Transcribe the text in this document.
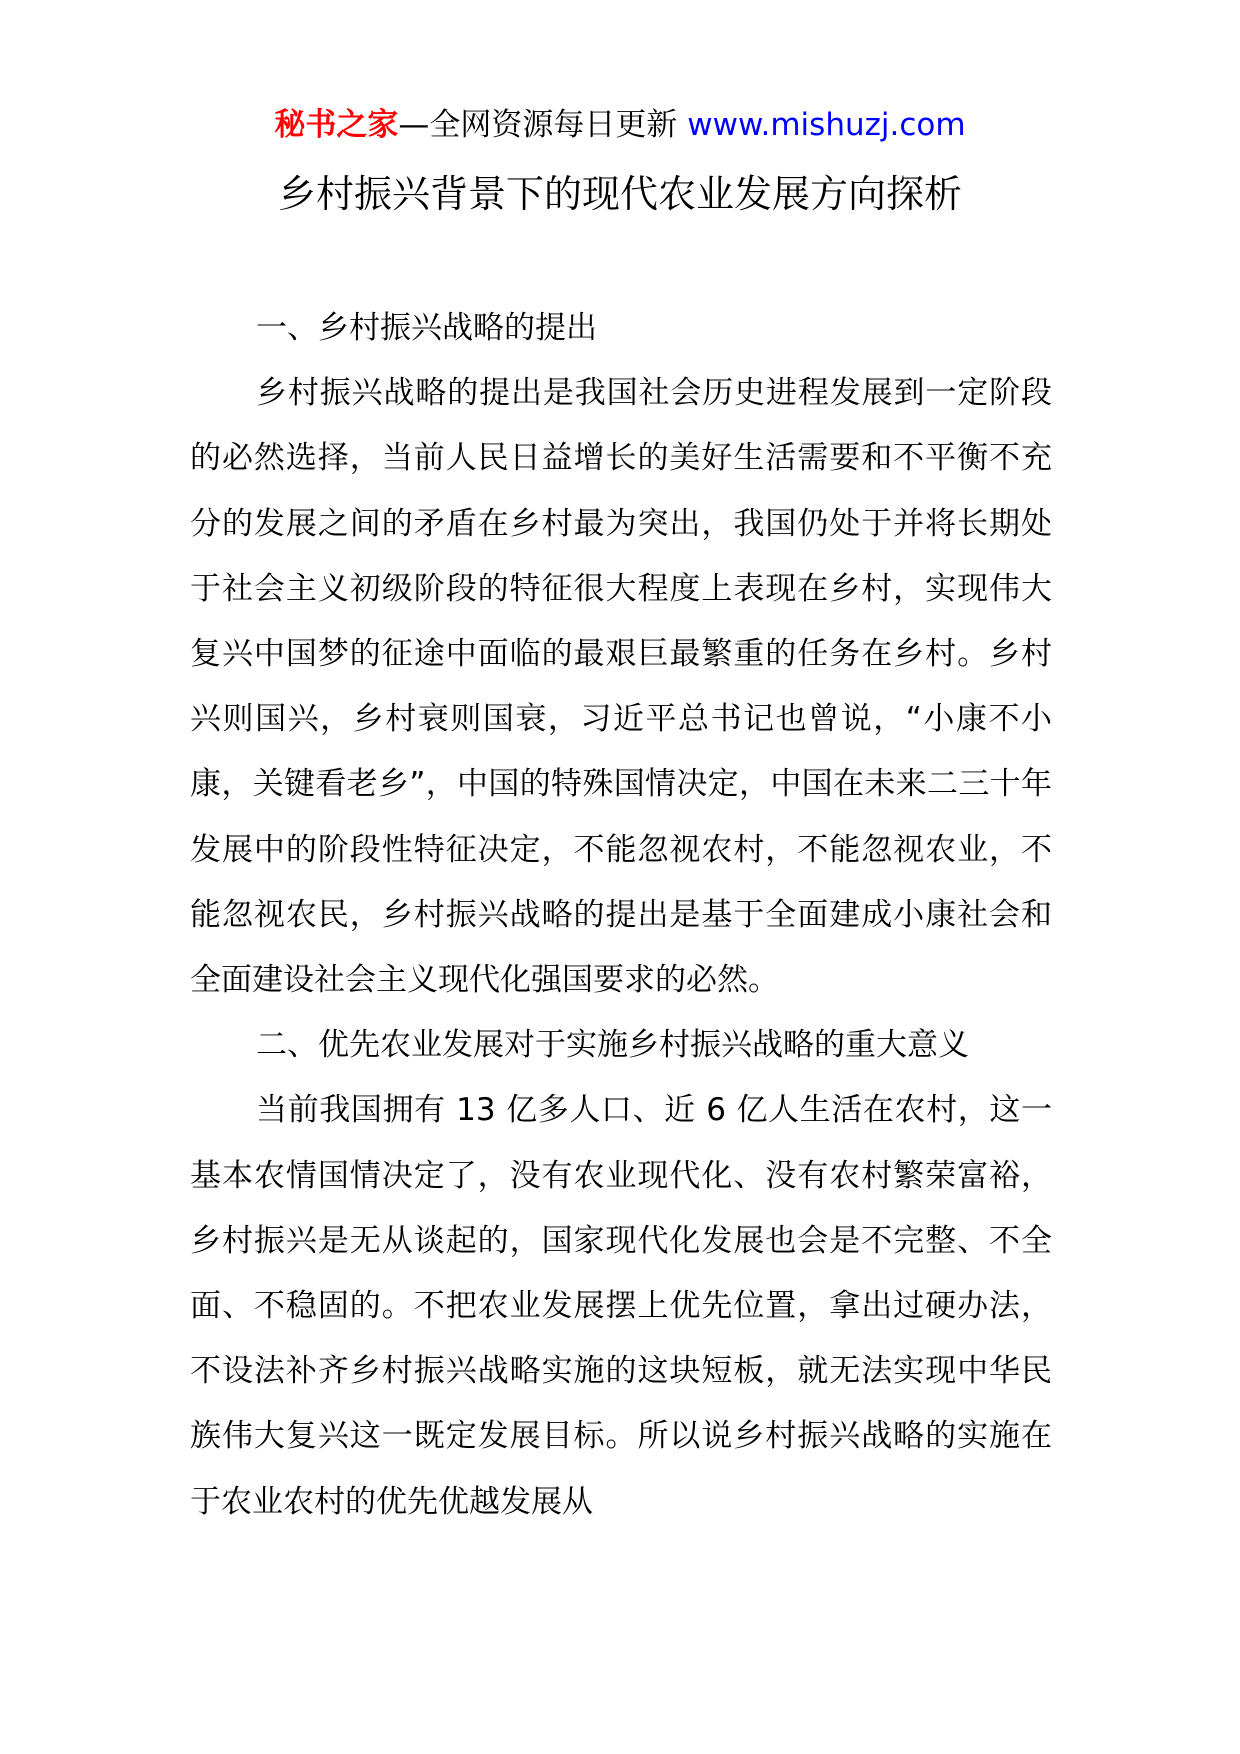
秘书之家—全网资源每日更新 www.mishuzj.com
乡村振兴背景下的现代农业发展方向探析
一、乡村振兴战略的提出

乡村振兴战略的提出是我国社会历史进程发展到一定阶段的必然选择，当前人民日益增长的美好生活需要和不平衡不充分的发展之间的矛盾在乡村最为突出，我国仍处于并将长期处于社会主义初级阶段的特征很大程度上表现在乡村，实现伟大复兴中国梦的征途中面临的最艰巨最繁重的任务在乡村。乡村兴则国兴，乡村衰则国衰，习近平总书记也曾说，“小康不小康，关键看老乡”，中国的特殊国情决定，中国在未来二三十年发展中的阶段性特征决定，不能忽视农村，不能忽视农业，不能忽视农民，乡村振兴战略的提出是基于全面建成小康社会和全面建设社会主义现代化强国要求的必然。

二、优先农业发展对于实施乡村振兴战略的重大意义

当前我国拥有 13 亿多人口、近 6 亿人生活在农村，这一基本农情国情决定了，没有农业现代化、没有农村繁荣富裕，乡村振兴是无从谈起的，国家现代化发展也会是不完整、不全面、不稳固的。不把农业发展摆上优先位置，拿出过硬办法，不设法补齐乡村振兴战略实施的这块短板，就无法实现中华民族伟大复兴这一既定发展目标。所以说乡村振兴战略的实施在于农业农村的优先优越发展从
